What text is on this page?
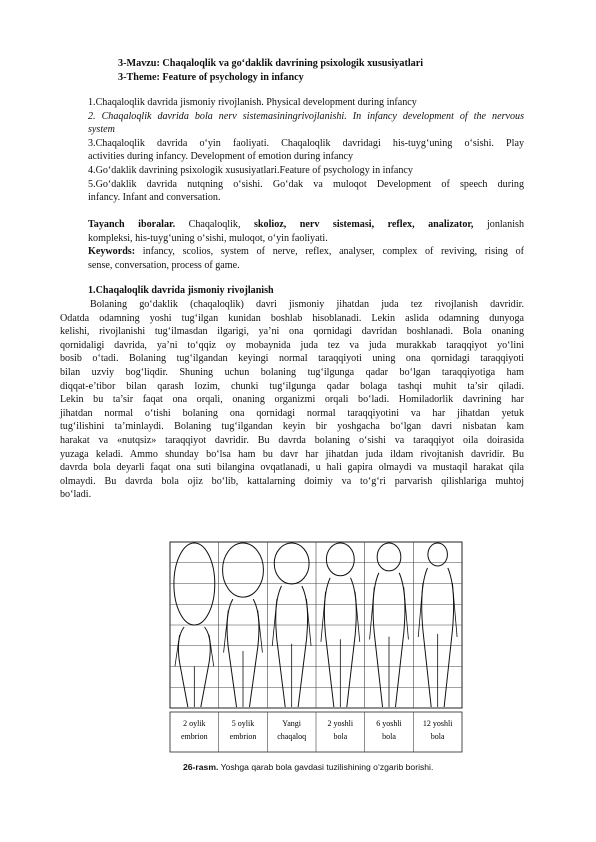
3-Mavzu: Chaqaloqlik va go‘daklik davrining psixologik xususiyatlari
3-Theme: Feature of psychology in infancy
1.Chaqaloqlik davrida jismoniy rivojlanish. Physical development during infancy
2. Chaqaloqlik davrida bola nerv sistemasiningrivojlanishi. In infancy development of the nervous
system
3.Chaqaloqlik davrida o‘yin faoliyati. Chaqaloqlik davridagi his-tuyg‘uning o‘sishi. Play
activities during infancy. Development of emotion during infancy
4.Go‘daklik davrining psixologik xususiyatlari.Feature of psychology in infancy
5.Go‘daklik davrida nutqning o‘sishi. Go‘dak va muloqot Development of speech during
infancy. Infant and conversation.
Tayanch iboralar. Chaqaloqlik, skolioz, nerv sistemasi, reflex, analizator, jonlanish
kompleksi, his-tuyg‘uning o‘sishi, muloqot, o‘yin faoliyati.
Keywords: infancy, scolios, system of nerve, reflex, analyser, complex of reviving, rising of
sense, conversation, process of game.
1.Chaqaloqlik davrida jismoniy rivojlanish
Bolaning go‘daklik (chaqaloqlik) davri jismoniy jihatdan juda tez rivojlanish davridir.
Odatda odamning yoshi tug‘ilgan kunidan boshlab hisoblanadi. Lekin aslida odamning dunyoga
kelishi, rivojlanishi tug‘ilmasdan ilgarigi, ya’ni ona qornidagi davridan boshlanadi. Bola onaning
qornidaligi davrida, ya’ni to‘qqiz oy mobaynida juda tez va juda murakkab taraqqiyot yo‘lini
bosib o‘tadi. Bolaning tug‘ilgandan keyingi normal taraqqiyoti uning ona qornidagi taraqqiyoti
bilan uzviy bog‘liqdir. Shuning uchun bolaning tug‘ilgunga qadar bo‘lgan taraqqiyotiga ham
diqqat-e’tibor bilan qarash lozim, chunki tug‘ilgunga qadar bolaga tashqi muhit ta’sir qiladi.
Lekin bu ta’sir faqat ona orqali, onaning organizmi orqali bo‘ladi. Homiladorlik davrining har
jihatdan normal o‘tishi bolaning ona qornidagi normal taraqqiyotini va har jihatdan yetuk
tug‘ilishini ta’minlaydi. Bolaning tug‘ilgandan keyin bir yoshgacha bo‘lgan davri nisbatan kam
harakat va «nutqsiz» taraqqiyot davridir. Bu davrda bolaning o‘sishi va taraqqiyot oila doirasida
yuzaga keladi. Ammo shunday bo‘lsa ham bu davr har jihatdan juda ildam rivojtanish davridir. Bu
davrda bola deyarli faqat ona suti bilangina ovqatlanadi, u hali gapira olmaydi va mustaqil harakat qila
olmaydi. Bu davrda bola ojiz bo‘lib, kattalarning doimiy va to‘g‘ri parvarish qilishlariga muhtoj
bo‘ladi.
2 oylik
embrion
5 oylik
embrion
Yangi
chaqaloq
2 yoshli
bola
6 yoshli
bola
12 yoshli
bola
26-rasm. Yoshga qarab bola gavdasi tuzilishining o‘zgarib borishi.
